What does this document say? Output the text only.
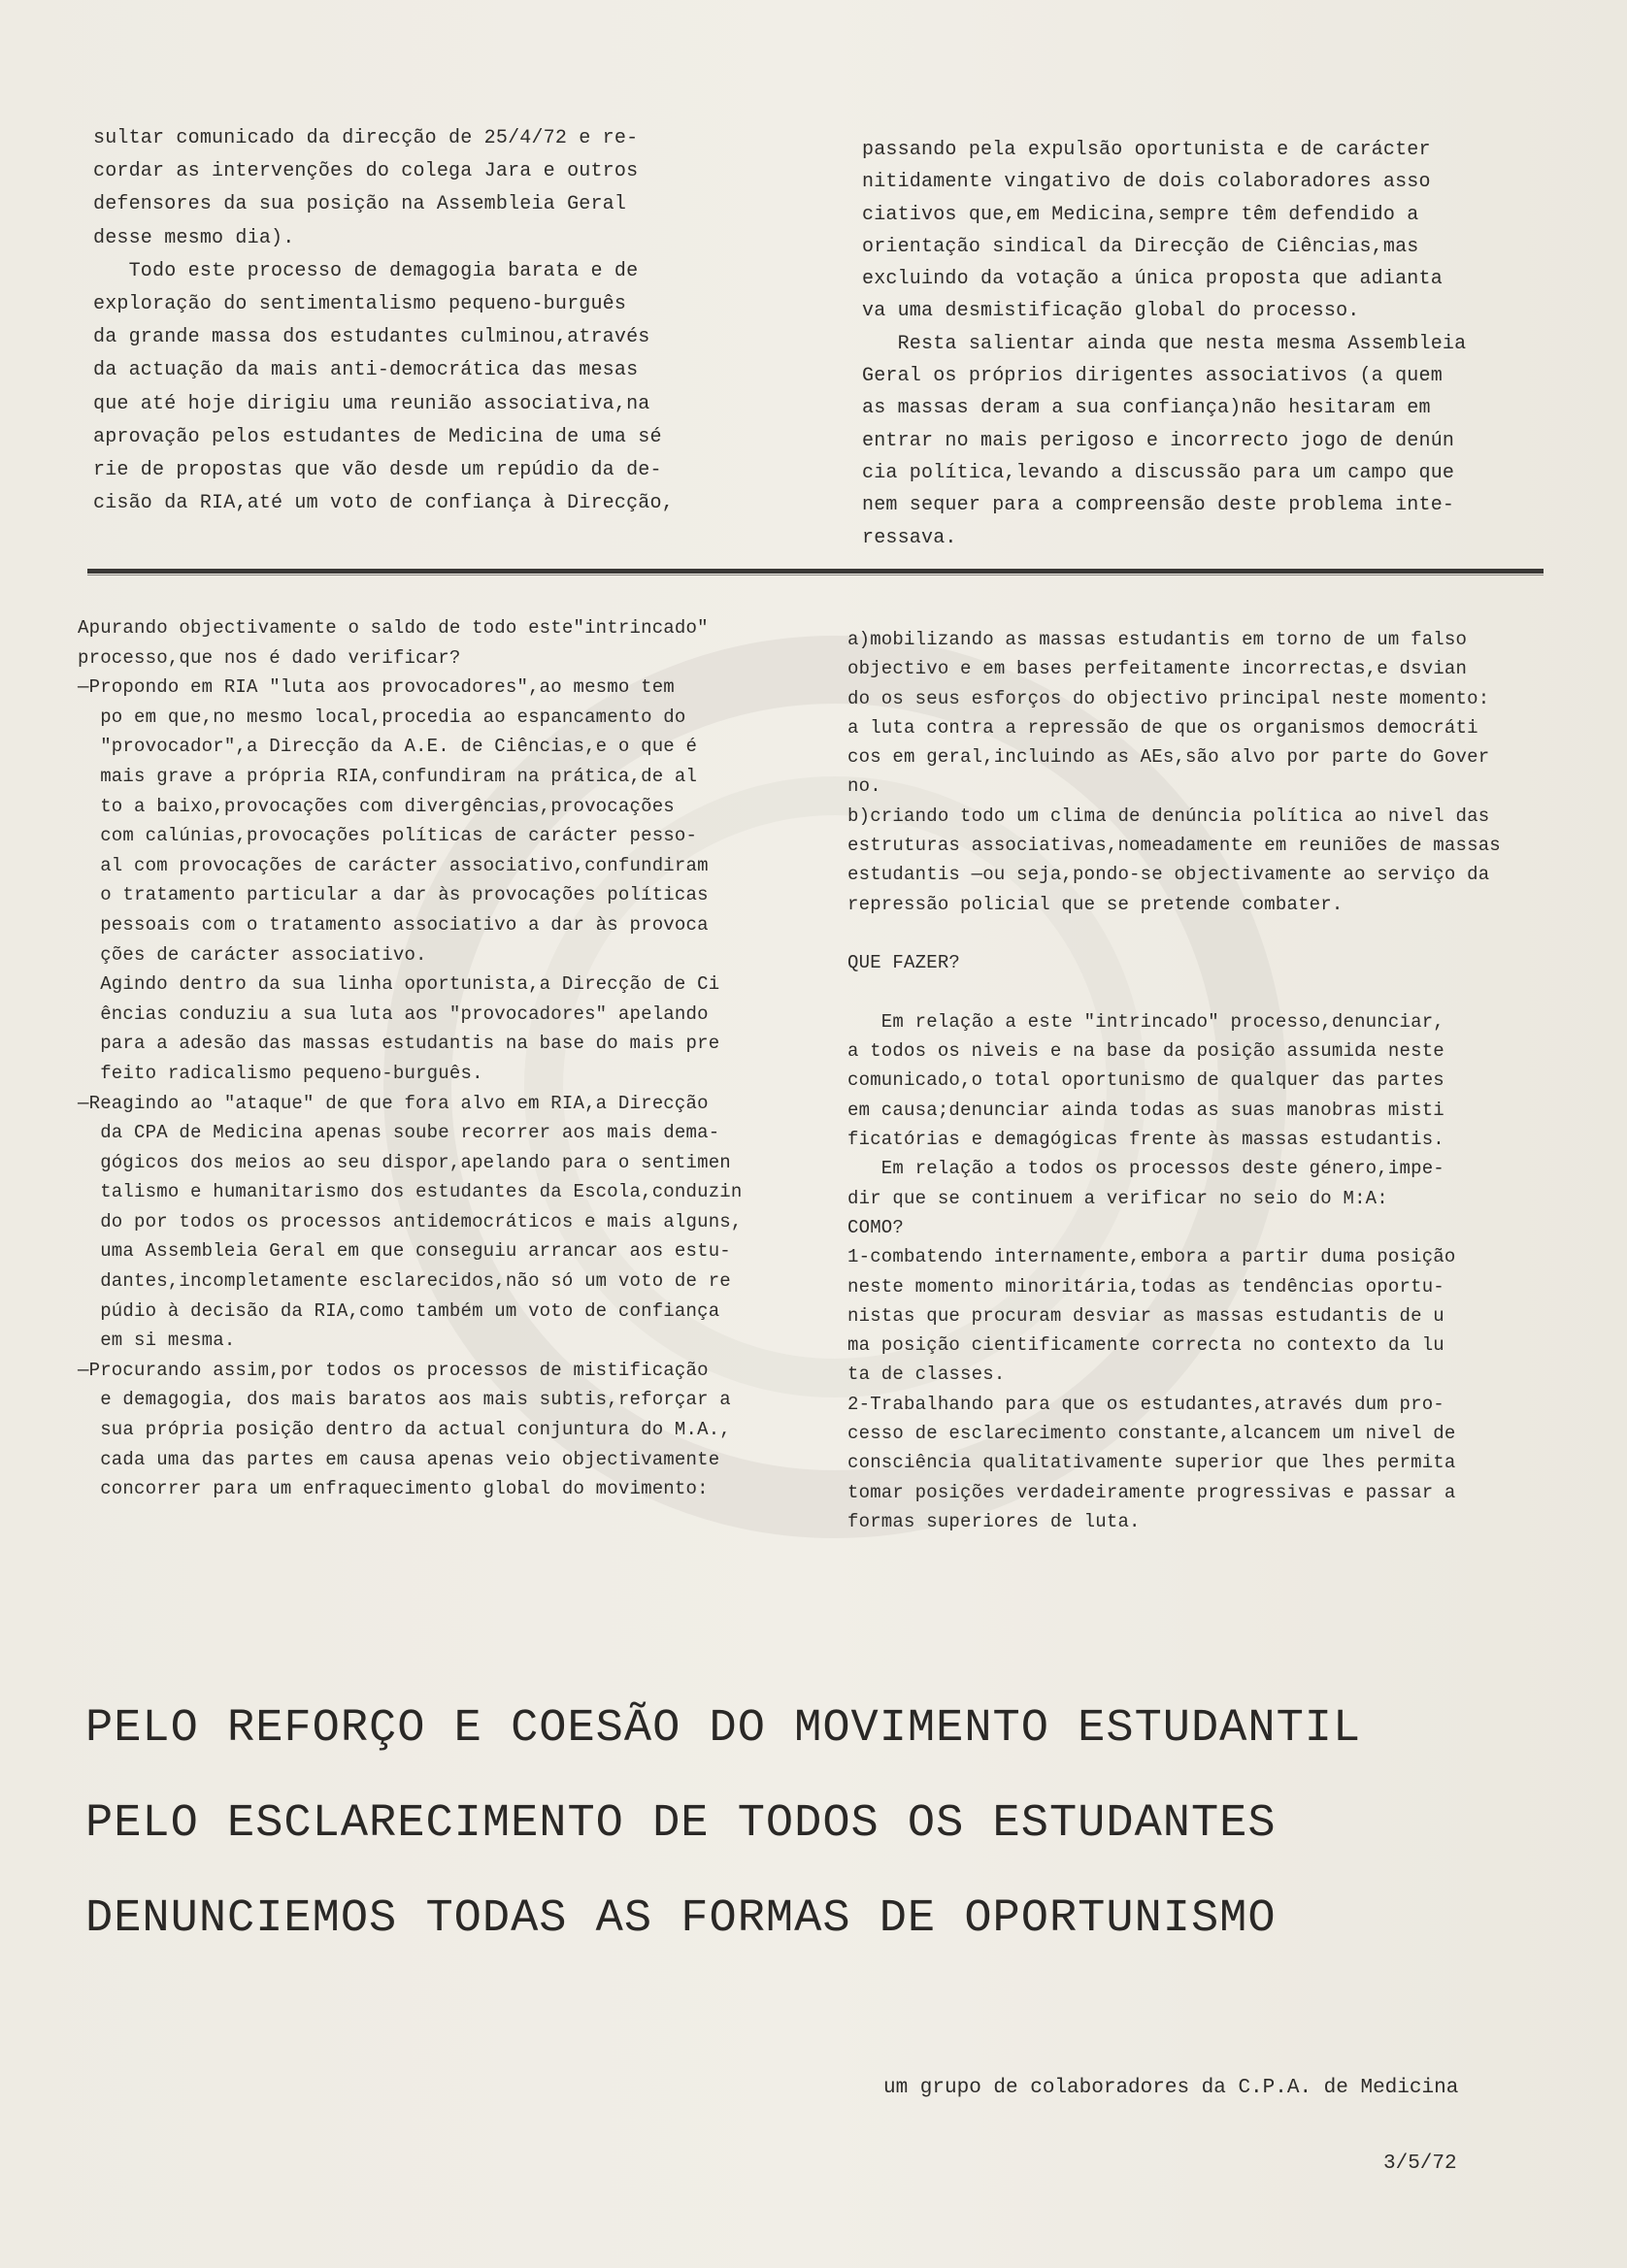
sultar comunicado da direcção de 25/4/72 e re-
cordar as intervenções do colega Jara e outros
defensores da sua posição na Assembleia Geral
desse mesmo dia).
Todo este processo de demagogia barata e de
exploração do sentimentalismo pequeno-burguês
da grande massa dos estudantes culminou,através
da actuação da mais anti-democrática das mesas
que até hoje dirigiu uma reunião associativa,na
aprovação pelos estudantes de Medicina de uma sé
rie de propostas que vão desde um repúdio da de-
cisão da RIA,até um voto de confiança à Direcção,
passando pela expulsão oportunista e de carácter
nitidamente vingativo de dois colaboradores asso
ciativos que,em Medicina,sempre têm defendido a
orientação sindical da Direcção de Ciências,mas
excluindo da votação a única proposta que adianta
va uma desmistificação global do processo.
Resta salientar ainda que nesta mesma Assembleia
Geral os próprios dirigentes associativos (a quem
as massas deram a sua confiança)não hesitaram em
entrar no mais perigoso e incorrecto jogo de denún
cia política,levando a discussão para um campo que
nem sequer para a compreensão deste problema inte-
ressava.
Apurando objectivamente o saldo de todo este"intrincado"
processo,que nos é dado verificar?
—Propondo em RIA "luta aos provocadores",ao mesmo tem
po em que,no mesmo local,procedia ao espancamento do
"provocador",a Direcção da A.E. de Ciências,e o que é
mais grave a própria RIA,confundiram na prática,de al
to a baixo,provocações com divergências,provocações
com calúnias,provocações políticas de carácter pesso-
al com provocações de carácter associativo,confundiram
o tratamento particular a dar às provocações políticas
pessoais com o tratamento associativo a dar às provoca
ções de carácter associativo.
Agindo dentro da sua linha oportunista,a Direcção de Ci
ências conduziu a sua luta aos "provocadores" apelando
para a adesão das massas estudantis na base do mais pre
feito radicalismo pequeno-burguês.
—Reagindo ao "ataque" de que fora alvo em RIA,a Direcção
da CPA de Medicina apenas soube recorrer aos mais dema-
gógicos dos meios ao seu dispor,apelando para o sentimen
talismo e humanitarismo dos estudantes da Escola,conduzin
do por todos os processos antidemocráticos e mais alguns,
uma Assembleia Geral em que conseguiu arrancar aos estu-
dantes,incompletamente esclarecidos,não só um voto de re
púdio à decisão da RIA,como também um voto de confiança
em si mesma.
—Procurando assim,por todos os processos de mistificação
e demagogia, dos mais baratos aos mais subtis,reforçar a
sua própria posição dentro da actual conjuntura do M.A.,
cada uma das partes em causa apenas veio objectivamente
concorrer para um enfraquecimento global do movimento:
a)mobilizando as massas estudantis em torno de um falso
objectivo e em bases perfeitamente incorrectas,e dsvian
do os seus esforços do objectivo principal neste momento:
a luta contra a repressão de que os organismos democráti
cos em geral,incluindo as AEs,são alvo por parte do Gover
no.
b)criando todo um clima de denúncia política ao nivel das
estruturas associativas,nomeadamente em reuniões de massas
estudantis —ou seja,pondo-se objectivamente ao serviço da
repressão policial que se pretende combater.

QUE FAZER?

Em relação a este "intrincado" processo,denunciar,
a todos os niveis e na base da posição assumida neste
comunicado,o total oportunismo de qualquer das partes
em causa;denunciar ainda todas as suas manobras misti
ficatórias e demagógicas frente às massas estudantis.
Em relação a todos os processos deste género,impe-
dir que se continuem a verificar no seio do M:A:
COMO?
1-combatendo internamente,embora a partir duma posição
neste momento minoritária,todas as tendências oportu-
nistas que procuram desviar as massas estudantis de u
ma posição cientificamente correcta no contexto da lu
ta de classes.
2-Trabalhando para que os estudantes,através dum pro-
cesso de esclarecimento constante,alcancem um nivel de
consciência qualitativamente superior que lhes permita
tomar posições verdadeiramente progressivas e passar a
formas superiores de luta.
PELO REFORÇO E COESÃO DO MOVIMENTO ESTUDANTIL
PELO ESCLARECIMENTO DE TODOS OS ESTUDANTES
DENUNCIEMOS TODAS AS FORMAS DE OPORTUNISMO
um grupo de colaboradores da C.P.A. de Medicina
3/5/72
